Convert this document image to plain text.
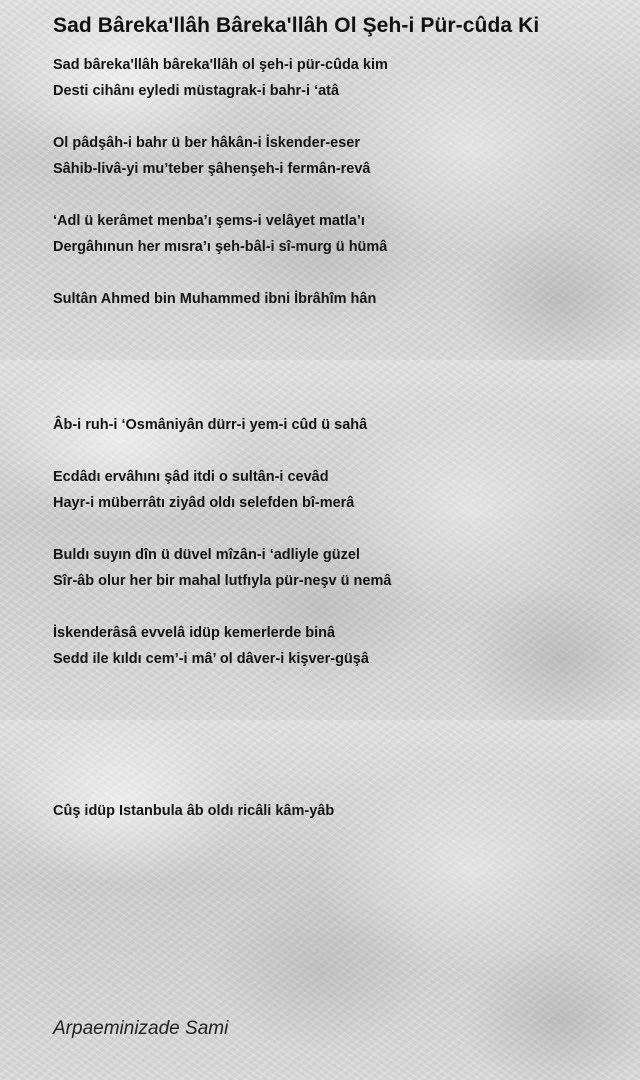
Sad Bâreka'llâh Bâreka'llâh Ol Şeh-i Pür-cûda Ki
Sad bâreka'llâh bâreka'llâh ol şeh-i pür-cûda kim
Desti cihânı eyledi müstagrak-i bahr-i ‘atâ
Ol pâdşâh-i bahr ü ber hâkân-i İskender-eser
Sâhib-livâ-yi mu’teber şâhenşeh-i fermân-revâ
‘Adl ü kerâmet menba’ı şems-i velâyet matla’ı
Dergâhınun her mısra’ı şeh-bâl-i sî-murg ü hümâ
Sultân Ahmed bin Muhammed ibni İbrâhîm hân
Âb-i ruh-i ‘Osmâniyân dürr-i yem-i cûd ü sahâ
Ecdâdı ervâhını şâd itdi o sultân-i cevâd
Hayr-i müberrâtı ziyâd oldı selefden bî-merâ
Buldı suyın dîn ü düvel mîzân-i ‘adliyle güzel
Sîr-âb olur her bir mahal lutfıyla pür-neşv ü nemâ
İskenderâsâ evvelâ idüp kemerlerde binâ
Sedd ile kıldı cem’-i mâ’ ol dâver-i kişver-güşâ
Cûş idüp Istanbula âb oldı ricâli kâm-yâb

Arpaeminizade Sami
